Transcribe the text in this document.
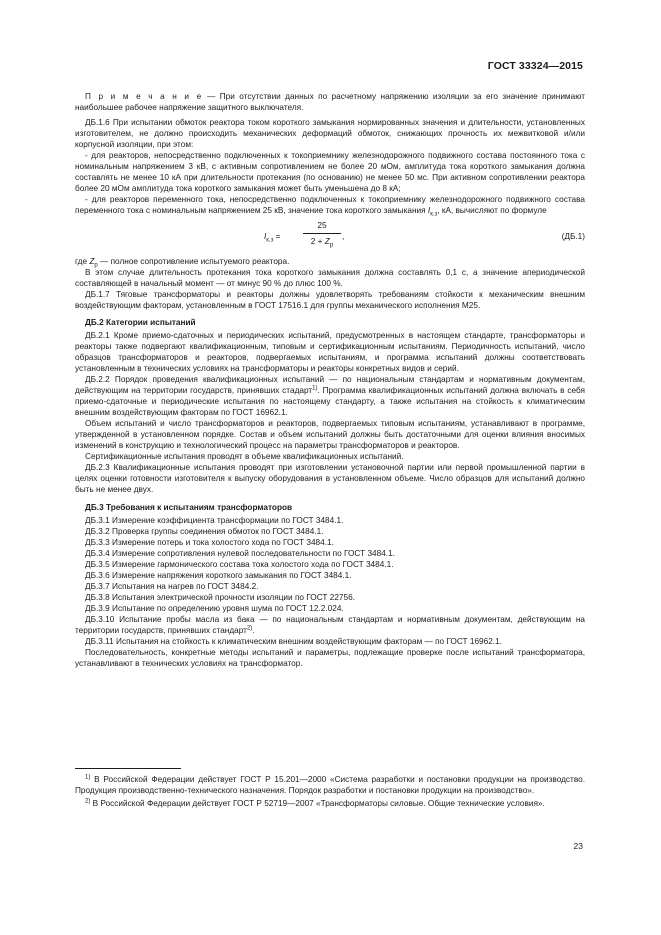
ГОСТ 33324—2015

П р и м е ч а н и е — При отсутствии данных по расчетному напряжению изоляции за его значение принимают наибольшее рабочее напряжение защитного выключателя.

ДБ.1.6 При испытании обмоток реактора током короткого замыкания нормированных значения и длительности, установленных изготовителем, не должно происходить механических деформаций обмоток, снижающих прочность их межвитковой и/или корпусной изоляции, при этом:

- для реакторов, непосредственно подключенных к токоприемнику железнодорожного подвижного состава постоянного тока с номинальным напряжением 3 кВ, с активным сопротивлением не более 20 мОм, амплитуда тока короткого замыкания должна составлять не менее 10 кА при длительности протекания (по основанию) не менее 50 мс. При активном сопротивлении реактора более 20 мОм амплитуда тока короткого замыкания может быть уменьшена до 8 кА;

- для реакторов переменного тока, непосредственно подключенных к токоприемнику железнодорожного подвижного состава переменного тока с номинальным напряжением 25 кВ, значение тока короткого замыкания $I_{к.з}$, кА, вычисляют по формуле

$I_{к.з}$ =	$\frac{25}{2 + Z_p}$ ,	(ДБ.1)

где $Z_p$ — полное сопротивление испытуемого реактора.

В этом случае длительность протекания тока короткого замыкания должна составлять 0,1 с, а значение апериодической составляющей в начальный момент — от минус 90 % до плюс 100 %.

ДБ.1.7 Тяговые трансформаторы и реакторы должны удовлетворять требованиям стойкости к механическим внешним воздействующим факторам, установленным в ГОСТ 17516.1 для группы механического исполнения М25.

ДБ.2 Категории испытаний

ДБ.2.1 Кроме приемо-сдаточных и периодических испытаний, предусмотренных в настоящем стандарте, трансформаторы и реакторы также подвергают квалификационным, типовым и сертификационным испытаниям. Периодичность испытаний, число образцов трансформаторов и реакторов, подвергаемых испытаниям, и программа испытаний должны соответствовать установленным в технических условиях на трансформаторы и реакторы конкретных видов и серий.

ДБ.2.2 Порядок проведения квалификационных испытаний — по национальным стандартам и нормативным документам, действующим на территории государств, принявших стадарт$^{1)}$. Программа квалификационных испытаний должна включать в себя приемо-сдаточные и периодические испытания по настоящему стандарту, а также испытания на стойкость к климатическим внешним воздействующим факторам по ГОСТ 16962.1.

Объем испытаний и число трансформаторов и реакторов, подвергаемых типовым испытаниям, устанавливают в программе, утвержденной в установленном порядке. Состав и объем испытаний должны быть достаточными для оценки влияния вносимых изменений в конструкцию и технологический процесс на параметры трансформаторов и реакторов.

Сертификационные испытания проводят в объеме квалификационных испытаний.

ДБ.2.3 Квалификационные испытания проводят при изготовлении установочной партии или первой промышленной партии в целях оценки готовности изготовителя к выпуску оборудования в установленном объеме. Число образцов для испытаний должно быть не менее двух.

ДБ.3 Требования к испытаниям трансформаторов

ДБ.3.1 Измерение коэффициента трансформации по ГОСТ 3484.1.

ДБ.3.2 Проверка группы соединения обмоток по ГОСТ 3484.1.

ДБ.3.3 Измерение потерь и тока холостого хода по ГОСТ 3484.1.

ДБ.3.4 Измерение сопротивления нулевой последовательности по ГОСТ 3484.1.

ДБ.3.5 Измерение гармонического состава тока холостого хода по ГОСТ 3484.1.

ДБ.3.6 Измерение напряжения короткого замыкания по ГОСТ 3484.1.

ДБ.3.7 Испытания на нагрев по ГОСТ 3484.2.

ДБ.3.8 Испытания электрической прочности изоляции по ГОСТ 22756.

ДБ.3.9 Испытание по определению уровня шума по ГОСТ 12.2.024.

ДБ.3.10 Испытание пробы масла из бака — по национальным стандартам и нормативным документам, действующим на территории государств, принявших стандарт$^{2)}$.

ДБ.3.11 Испытания на стойкость к климатическим внешним воздействующим факторам — по ГОСТ 16962.1.

Последовательность, конкретные методы испытаний и параметры, подлежащие проверке после испытаний трансформатора, устанавливают в технических условиях на трансформатор.

$^{1)}$ В Российской Федерации действует ГОСТ Р 15.201—2000 «Система разработки и постановки продукции на производство. Продукция производственно-технического назначения. Порядок разработки и постановки продукции на производство».

$^{2)}$ В Российской Федерации действует ГОСТ Р 52719—2007 «Трансформаторы силовые. Общие технические условия».

23
